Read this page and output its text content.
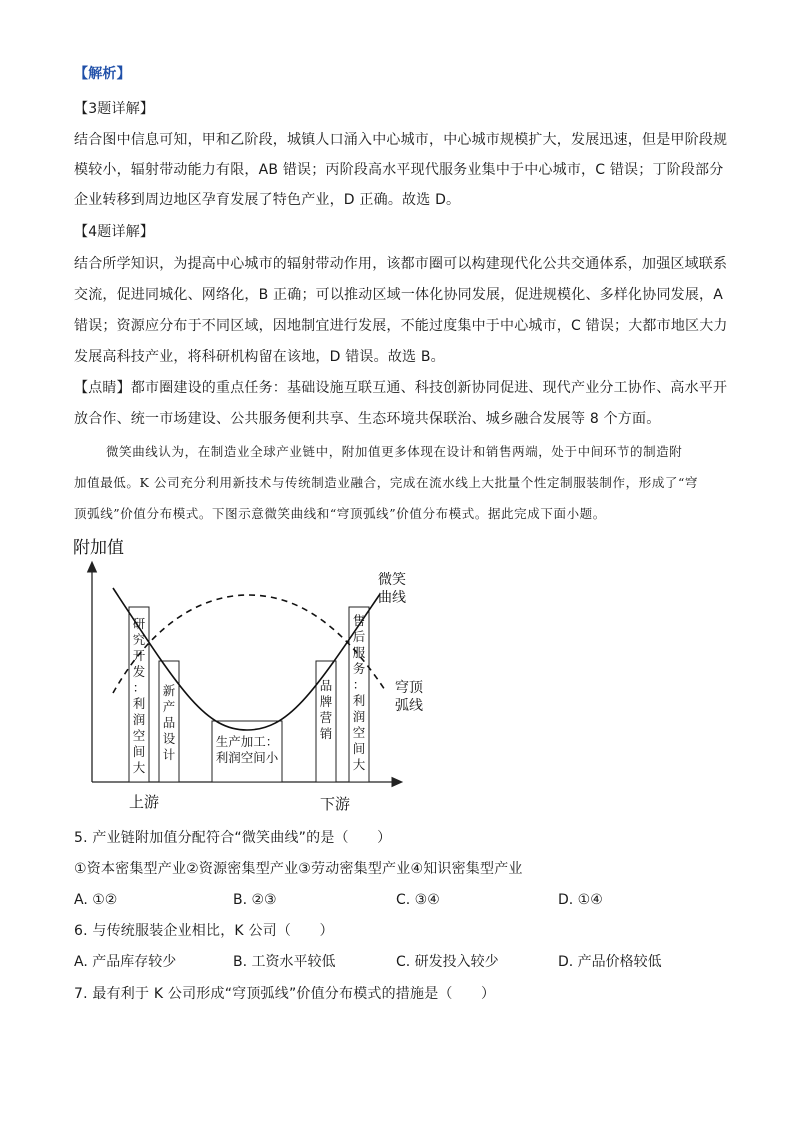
【解析】
【3题详解】
结合图中信息可知，甲和乙阶段，城镇人口涌入中心城市，中心城市规模扩大，发展迅速，但是甲阶段规
模较小，辐射带动能力有限，AB 错误；丙阶段高水平现代服务业集中于中心城市，C 错误；丁阶段部分
企业转移到周边地区孕育发展了特色产业，D 正确。故选 D。
【4题详解】
结合所学知识，为提高中心城市的辐射带动作用，该都市圈可以构建现代化公共交通体系，加强区域联系
交流，促进同城化、网络化，B 正确；可以推动区域一体化协同发展，促进规模化、多样化协同发展，A
错误；资源应分布于不同区域，因地制宜进行发展，不能过度集中于中心城市，C 错误；大都市地区大力
发展高科技产业，将科研机构留在该地，D 错误。故选 B。
【点睛】都市圈建设的重点任务：基础设施互联互通、科技创新协同促进、现代产业分工协作、高水平开
放合作、统一市场建设、公共服务便利共享、生态环境共保联治、城乡融合发展等 8 个方面。
微笑曲线认为，在制造业全球产业链中，附加值更多体现在设计和销售两端，处于中间环节的制造附
加值最低。K 公司充分利用新技术与传统制造业融合，完成在流水线上大批量个性定制服装制作，形成了“穹
顶弧线”价值分布模式。下图示意微笑曲线和“穹顶弧线”价值分布模式。据此完成下面小题。
附加值
研
究
开
发
：
利
润
空
间
大
新
产
品
设
计
生产加工：
利润空间小
品
牌
营
销
售
后
服
务
：
利
润
空
间
大
微笑
曲线
穹顶
弧线
上游	下游
5. 产业链附加值分配符合“微笑曲线”的是（　　）
①资本密集型产业②资源密集型产业③劳动密集型产业④知识密集型产业
A. ①②	B. ②③	C. ③④	D. ①④
6. 与传统服装企业相比，K 公司（　　）
A. 产品库存较少	B. 工资水平较低	C. 研发投入较少	D. 产品价格较低
7. 最有利于 K 公司形成“穹顶弧线”价值分布模式的措施是（　　）
